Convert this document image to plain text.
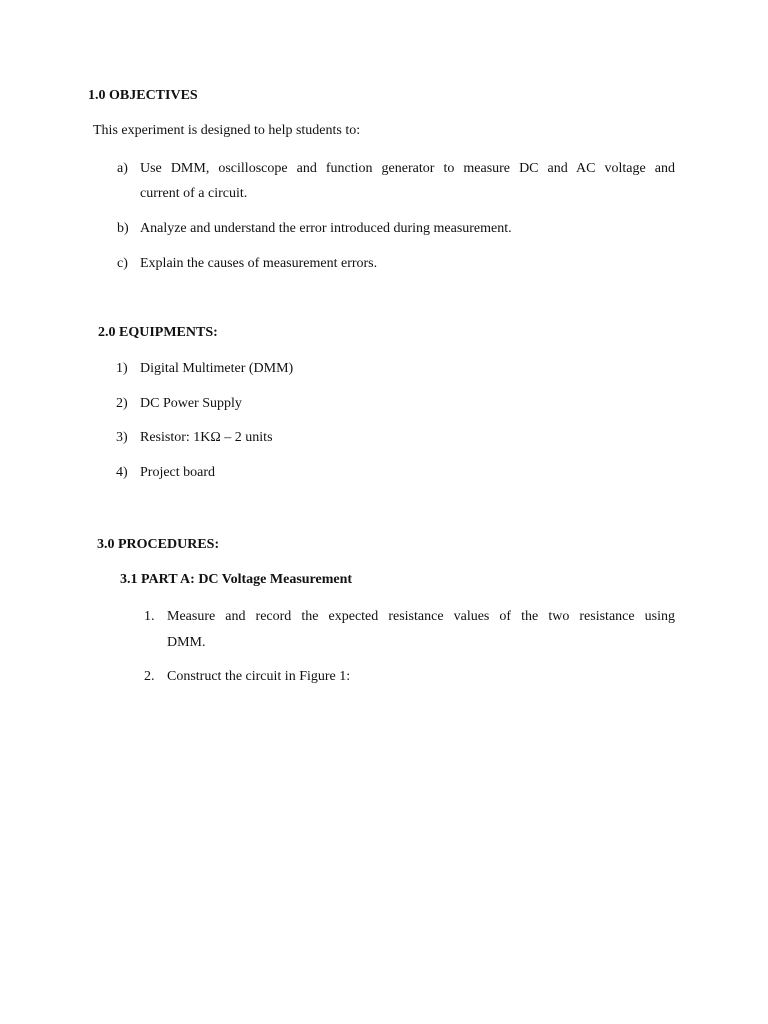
1.0 OBJECTIVES
This experiment is designed to help students to:
a) Use DMM, oscilloscope and function generator to measure DC and AC voltage and
current of a circuit.
b) Analyze and understand the error introduced during measurement.
c) Explain the causes of measurement errors.
2.0 EQUIPMENTS:
1) Digital Multimeter (DMM)
2) DC Power Supply
3) Resistor: 1KΩ – 2 units
4) Project board
3.0 PROCEDURES:
3.1 PART A: DC Voltage Measurement
1. Measure and record the expected resistance values of the two resistance using
DMM.
2. Construct the circuit in Figure 1:
